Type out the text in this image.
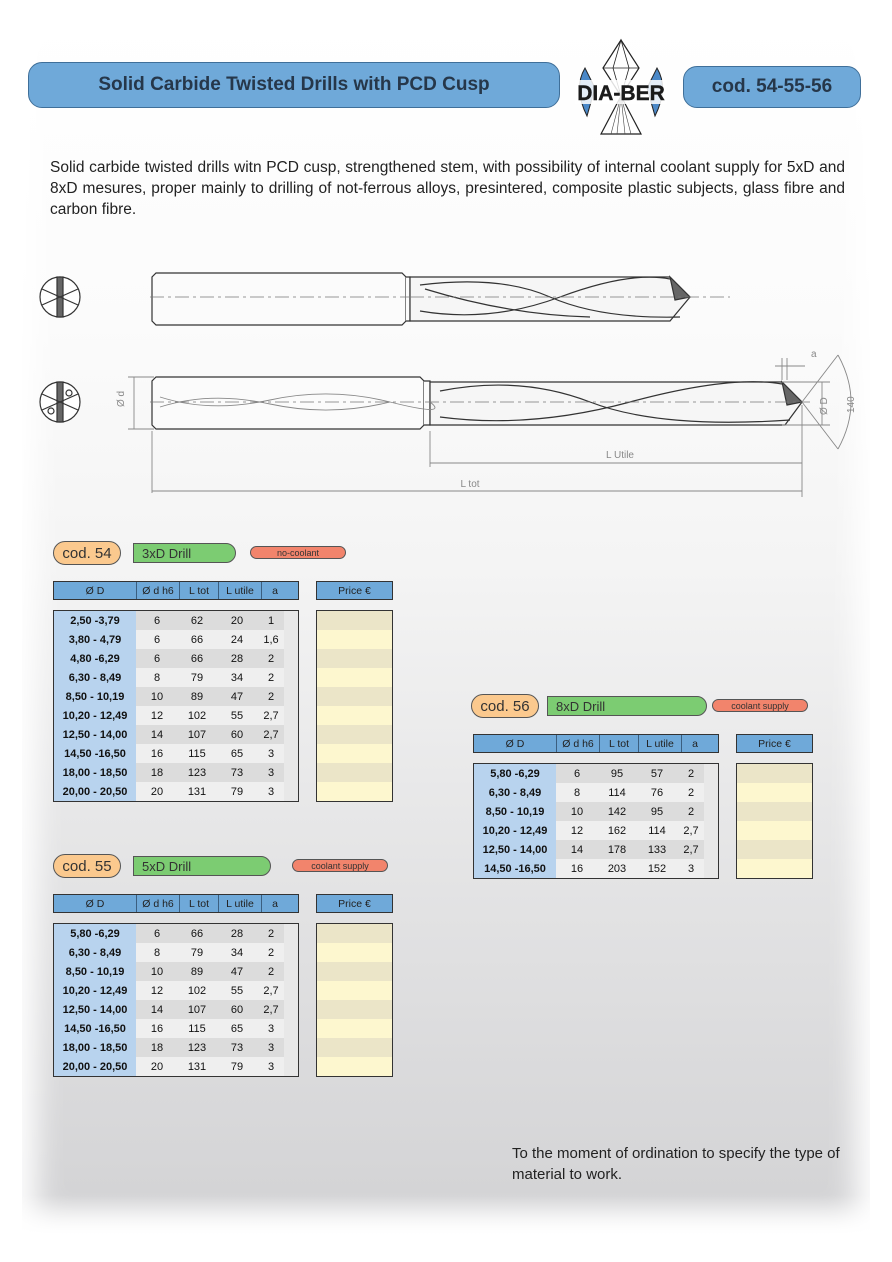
Solid Carbide Twisted Drills with PCD Cusp	DIA-BER cod. 54-55-56
Solid carbide twisted drills witn PCD cusp, strengthened stem, with possibility of internal coolant supply for 5xD and 8xD mesures, proper mainly to drilling of not-ferrous alloys, presintered, composite plastic subjects, glass fibre and carbon fibre.
Ø d	Ø D
a
140
L Utile
L tot
cod. 54	3xD Drill	no-coolant
Ø D	Ø d h6	L tot	L utile	a	Price €
2,50 -3,79	6	62	20	1
3,80 - 4,79	6	66	24	1,6
4,80 -6,29	6	66	28	2
6,30 - 8,49	8	79	34	2
8,50 - 10,19	10	89	47	2
10,20 - 12,49	12	102	55	2,7
12,50 - 14,00	14	107	60	2,7
14,50 -16,50	16	115	65	3
18,00 - 18,50	18	123	73	3
20,00 - 20,50	20	131	79	3
cod. 55	5xD Drill	coolant supply
Ø D	Ø d h6	L tot	L utile	a	Price €
5,80 -6,29	6	66	28	2
6,30 - 8,49	8	79	34	2
8,50 - 10,19	10	89	47	2
10,20 - 12,49	12	102	55	2,7
12,50 - 14,00	14	107	60	2,7
14,50 -16,50	16	115	65	3
18,00 - 18,50	18	123	73	3
20,00 - 20,50	20	131	79	3
cod. 56	8xD Drill	coolant supply
Ø D	Ø d h6	L tot	L utile	a	Price €
5,80 -6,29	6	95	57	2
6,30 - 8,49	8	114	76	2
8,50 - 10,19	10	142	95	2
10,20 - 12,49	12	162	114	2,7
12,50 - 14,00	14	178	133	2,7
14,50 -16,50	16	203	152	3
To the moment of ordination to specify the type of material to work.
